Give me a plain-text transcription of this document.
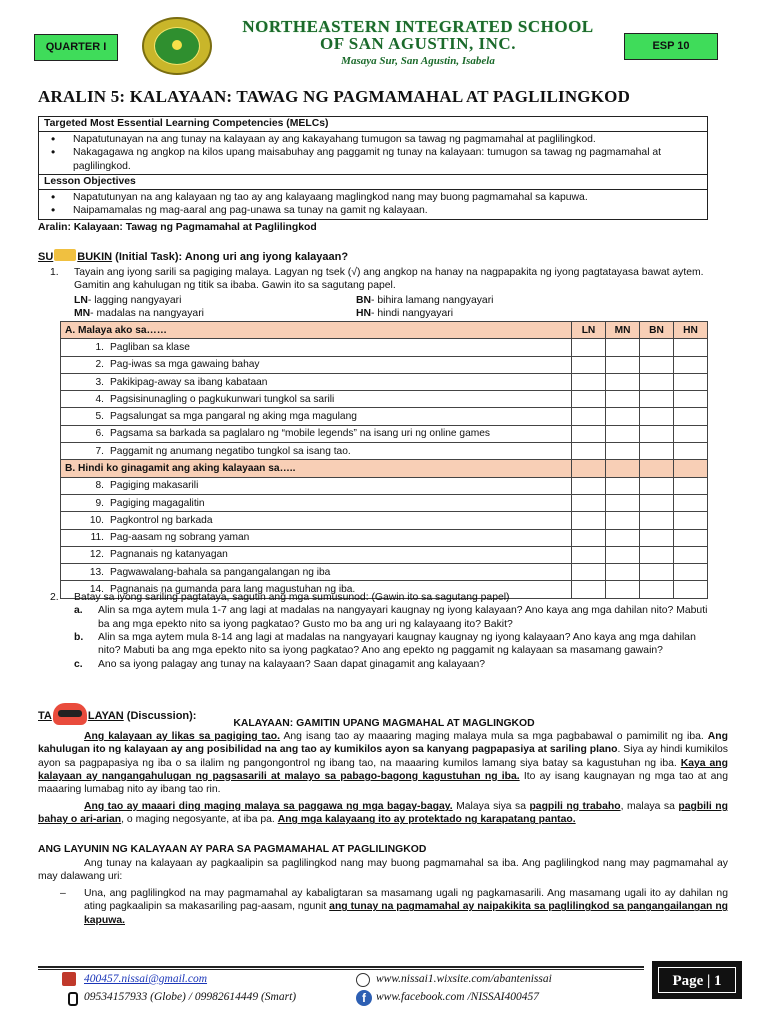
QUARTER I
NORTHEASTERN INTEGRATED SCHOOL
OF SAN AGUSTIN, INC.
Masaya Sur, San Agustin, Isabela
ESP 10
ARALIN 5: KALAYAAN: TAWAG NG PAGMAMAHAL AT PAGLILINGKOD
Targeted Most Essential Learning Competencies (MELCs)
• Napatutunayan na ang tunay na kalayaan ay ang kakayahang tumugon sa tawag ng pagmamahal at paglilingkod.
• Nakagagawa ng angkop na kilos upang maisabuhay ang paggamit ng tunay na kalayaan: tumugon sa tawag ng pagmamahal at paglilingkod.
Lesson Objectives
• Napatutunyan na ang kalayaan ng tao ay ang kalayaang maglingkod nang may buong pagmamahal sa kapuwa.
• Naipamamalas ng mag-aaral ang pag-unawa sa tunay na gamit ng kalayaan.
Aralin: Kalayaan: Tawag ng Pagmamahal at Paglilingkod
SU BUKIN (Initial Task): Anong uri ang iyong kalayaan?
1. Tayain ang iyong sarili sa pagiging malaya. Lagyan ng tsek (√) ang angkop na hanay na nagpapakita ng iyong pagtatayasa bawat aytem. Gamitin ang kahulugan ng titik sa ibaba. Gawin ito sa sagutang papel.
LN- lagging nangyayari	BN- bihira lamang nangyayari
MN- madalas na nangyayari	HN- hindi nangyayari
A. Malaya ako sa……	LN	MN	BN	HN
1. Pagliban sa klase				
2. Pag-iwas sa mga gawaing bahay				
3. Pakikipag-away sa ibang kabataan				
4. Pagsisinunagling o pagkukunwari tungkol sa sarili				
5. Pagsalungat sa mga pangaral ng aking mga magulang				
6. Pagsama sa barkada sa paglalaro ng “mobile legends” na isang uri ng online games				
7. Paggamit ng anumang negatibo tungkol sa isang tao.				
B. Hindi ko ginagamit ang aking kalayaan sa…..				
8. Pagiging makasarili				
9. Pagiging magagalitin				
10. Pagkontrol ng barkada				
11. Pag-aasam ng sobrang yaman				
12. Pagnanais ng katanyagan				
13. Pagwawalang-bahala sa pangangalangan ng iba				
14. Pagnanais na gumanda para lang magustuhan ng iba.				
2. Batay sa iyong sariling pagtataya, sagutin ang mga sumusunod: (Gawin ito sa sagutang papel)
a. Alin sa mga aytem mula 1-7 ang lagi at madalas na nangyayari kaugnay ng iyong kalayaan? Ano kaya ang mga dahilan nito? Mabuti ba ang mga epekto nito sa iyong pagkatao? Gusto mo ba ang uri ng kalayaang ito? Bakit?
b. Alin sa mga aytem mula 8-14 ang lagi at madalas na nangyayari kaugnay kaugnay ng iyong kalayaan? Ano kaya ang mga dahilan nito? Mabuti ba ang mga epekto nito sa iyong pagkatao? Ano ang epekto ng paggamit ng kalayaan sa masamang gawain?
c. Ano sa iyong palagay ang tunay na kalayaan? Saan dapat ginagamit ang kalayaan?
TA	LAYAN (Discussion):
KALAYAAN: GAMITIN UPANG MAGMAHAL AT MAGLINGKOD
Ang kalayaan ay likas sa pagiging tao. Ang isang tao ay maaaring maging malaya mula sa mga pagbabawal o pamimilit ng iba. Ang kahulugan ito ng kalayaan ay ang posibilidad na ang tao ay kumikilos ayon sa kanyang pagpapasiya at sariling plano. Siya ay hindi kumikilos ayon sa pagpapasiya ng iba o sa ilalim ng pangongontrol ng ibang tao, na maaaring kumilos lamang siya batay sa kagustuhan ng iba. Kaya ang kalayaan ay nangangahulugan ng pagsasarili at malayo sa pabago-bagong kagustuhan ng iba. Ito ay isang kaugnayan ng mga tao at ang maaaring lumabag nito ay ibang tao rin.
Ang tao ay maaari ding maging malaya sa paggawa ng mga bagay-bagay. Malaya siya sa pagpili ng trabaho, malaya sa pagbili ng bahay o ari-arian, o maging negosyante, at iba pa. Ang mga kalayaang ito ay protektado ng karapatang pantao.
ANG LAYUNIN NG KALAYAAN AY PARA SA PAGMAMAHAL AT PAGLILINGKOD
Ang tunay na kalayaan ay pagkaalipin sa paglilingkod nang may buong pagmamahal sa iba. Ang paglilingkod nang may pagmamahal ay may dalawang uri:
–	Una, ang paglilingkod na may pagmamahal ay kabaligtaran sa masamang ugali ng pagkamasarili. Ang masamang ugali ito ay dahilan ng ating pagkaalipin sa makasariling pag-aasam, ngunit ang tunay na pagmamahal ay naipakikita sa paglilingkod sa pangangailangan ng kapuwa.
400457.nissai@gmail.com
09534157933 (Globe) / 09982614449 (Smart)
www.nissai1.wixsite.com/abantenissai
f www.facebook.com /NISSAI400457
Page | 1
